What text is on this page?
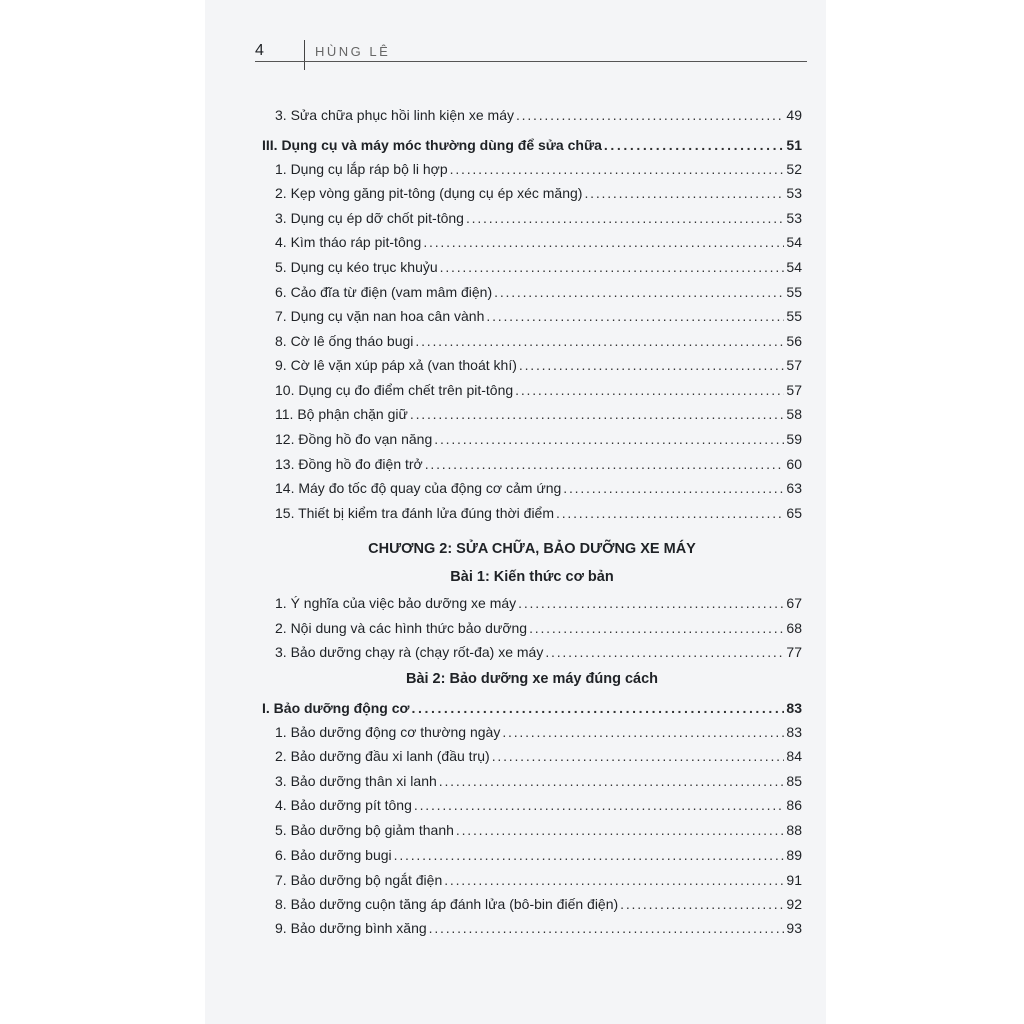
4	HÙNG LÊ
3. Sửa chữa phục hồi linh kiện xe máy .....	49
III. Dụng cụ và máy móc thường dùng để sửa chữa .....	51
1. Dụng cụ lắp ráp bộ li hợp .....	52
2. Kẹp vòng găng pit-tông (dụng cụ ép xéc măng) .....	53
3. Dụng cụ ép dỡ chốt pit-tông .....	53
4. Kìm tháo ráp pit-tông .....	54
5. Dụng cụ kéo trục khuỷu .....	54
6. Cảo đĩa từ điện (vam mâm điện) .....	55
7. Dụng cụ vặn nan hoa cân vành .....	55
8. Cờ lê ống tháo bugi .....	56
9. Cờ lê vặn xúp páp xả (van thoát khí) .....	57
10. Dụng cụ đo điểm chết trên pit-tông .....	57
11. Bộ phận chặn giữ .....	58
12. Đồng hồ đo vạn năng .....	59
13. Đồng hồ đo điện trở .....	60
14. Máy đo tốc độ quay của động cơ cảm ứng .....	63
15. Thiết bị kiểm tra đánh lửa đúng thời điểm .....	65
CHƯƠNG 2: SỬA CHỮA, BẢO DƯỠNG XE MÁY
Bài 1: Kiến thức cơ bản
1. Ý nghĩa của việc bảo dưỡng xe máy .....	67
2. Nội dung và các hình thức bảo dưỡng .....	68
3. Bảo dưỡng chạy rà (chạy rốt-đa) xe máy .....	77
Bài 2: Bảo dưỡng xe máy đúng cách
I. Bảo dưỡng động cơ .....	83
1. Bảo dưỡng động cơ thường ngày .....	83
2. Bảo dưỡng đầu xi lanh (đầu trụ) .....	84
3. Bảo dưỡng thân xi lanh .....	85
4. Bảo dưỡng pít tông .....	86
5. Bảo dưỡng bộ giảm thanh .....	88
6. Bảo dưỡng bugi .....	89
7. Bảo dưỡng bộ ngắt điện .....	91
8. Bảo dưỡng cuộn tăng áp đánh lửa (bô-bin điến điện) .....	92
9. Bảo dưỡng bình xăng .....	93
